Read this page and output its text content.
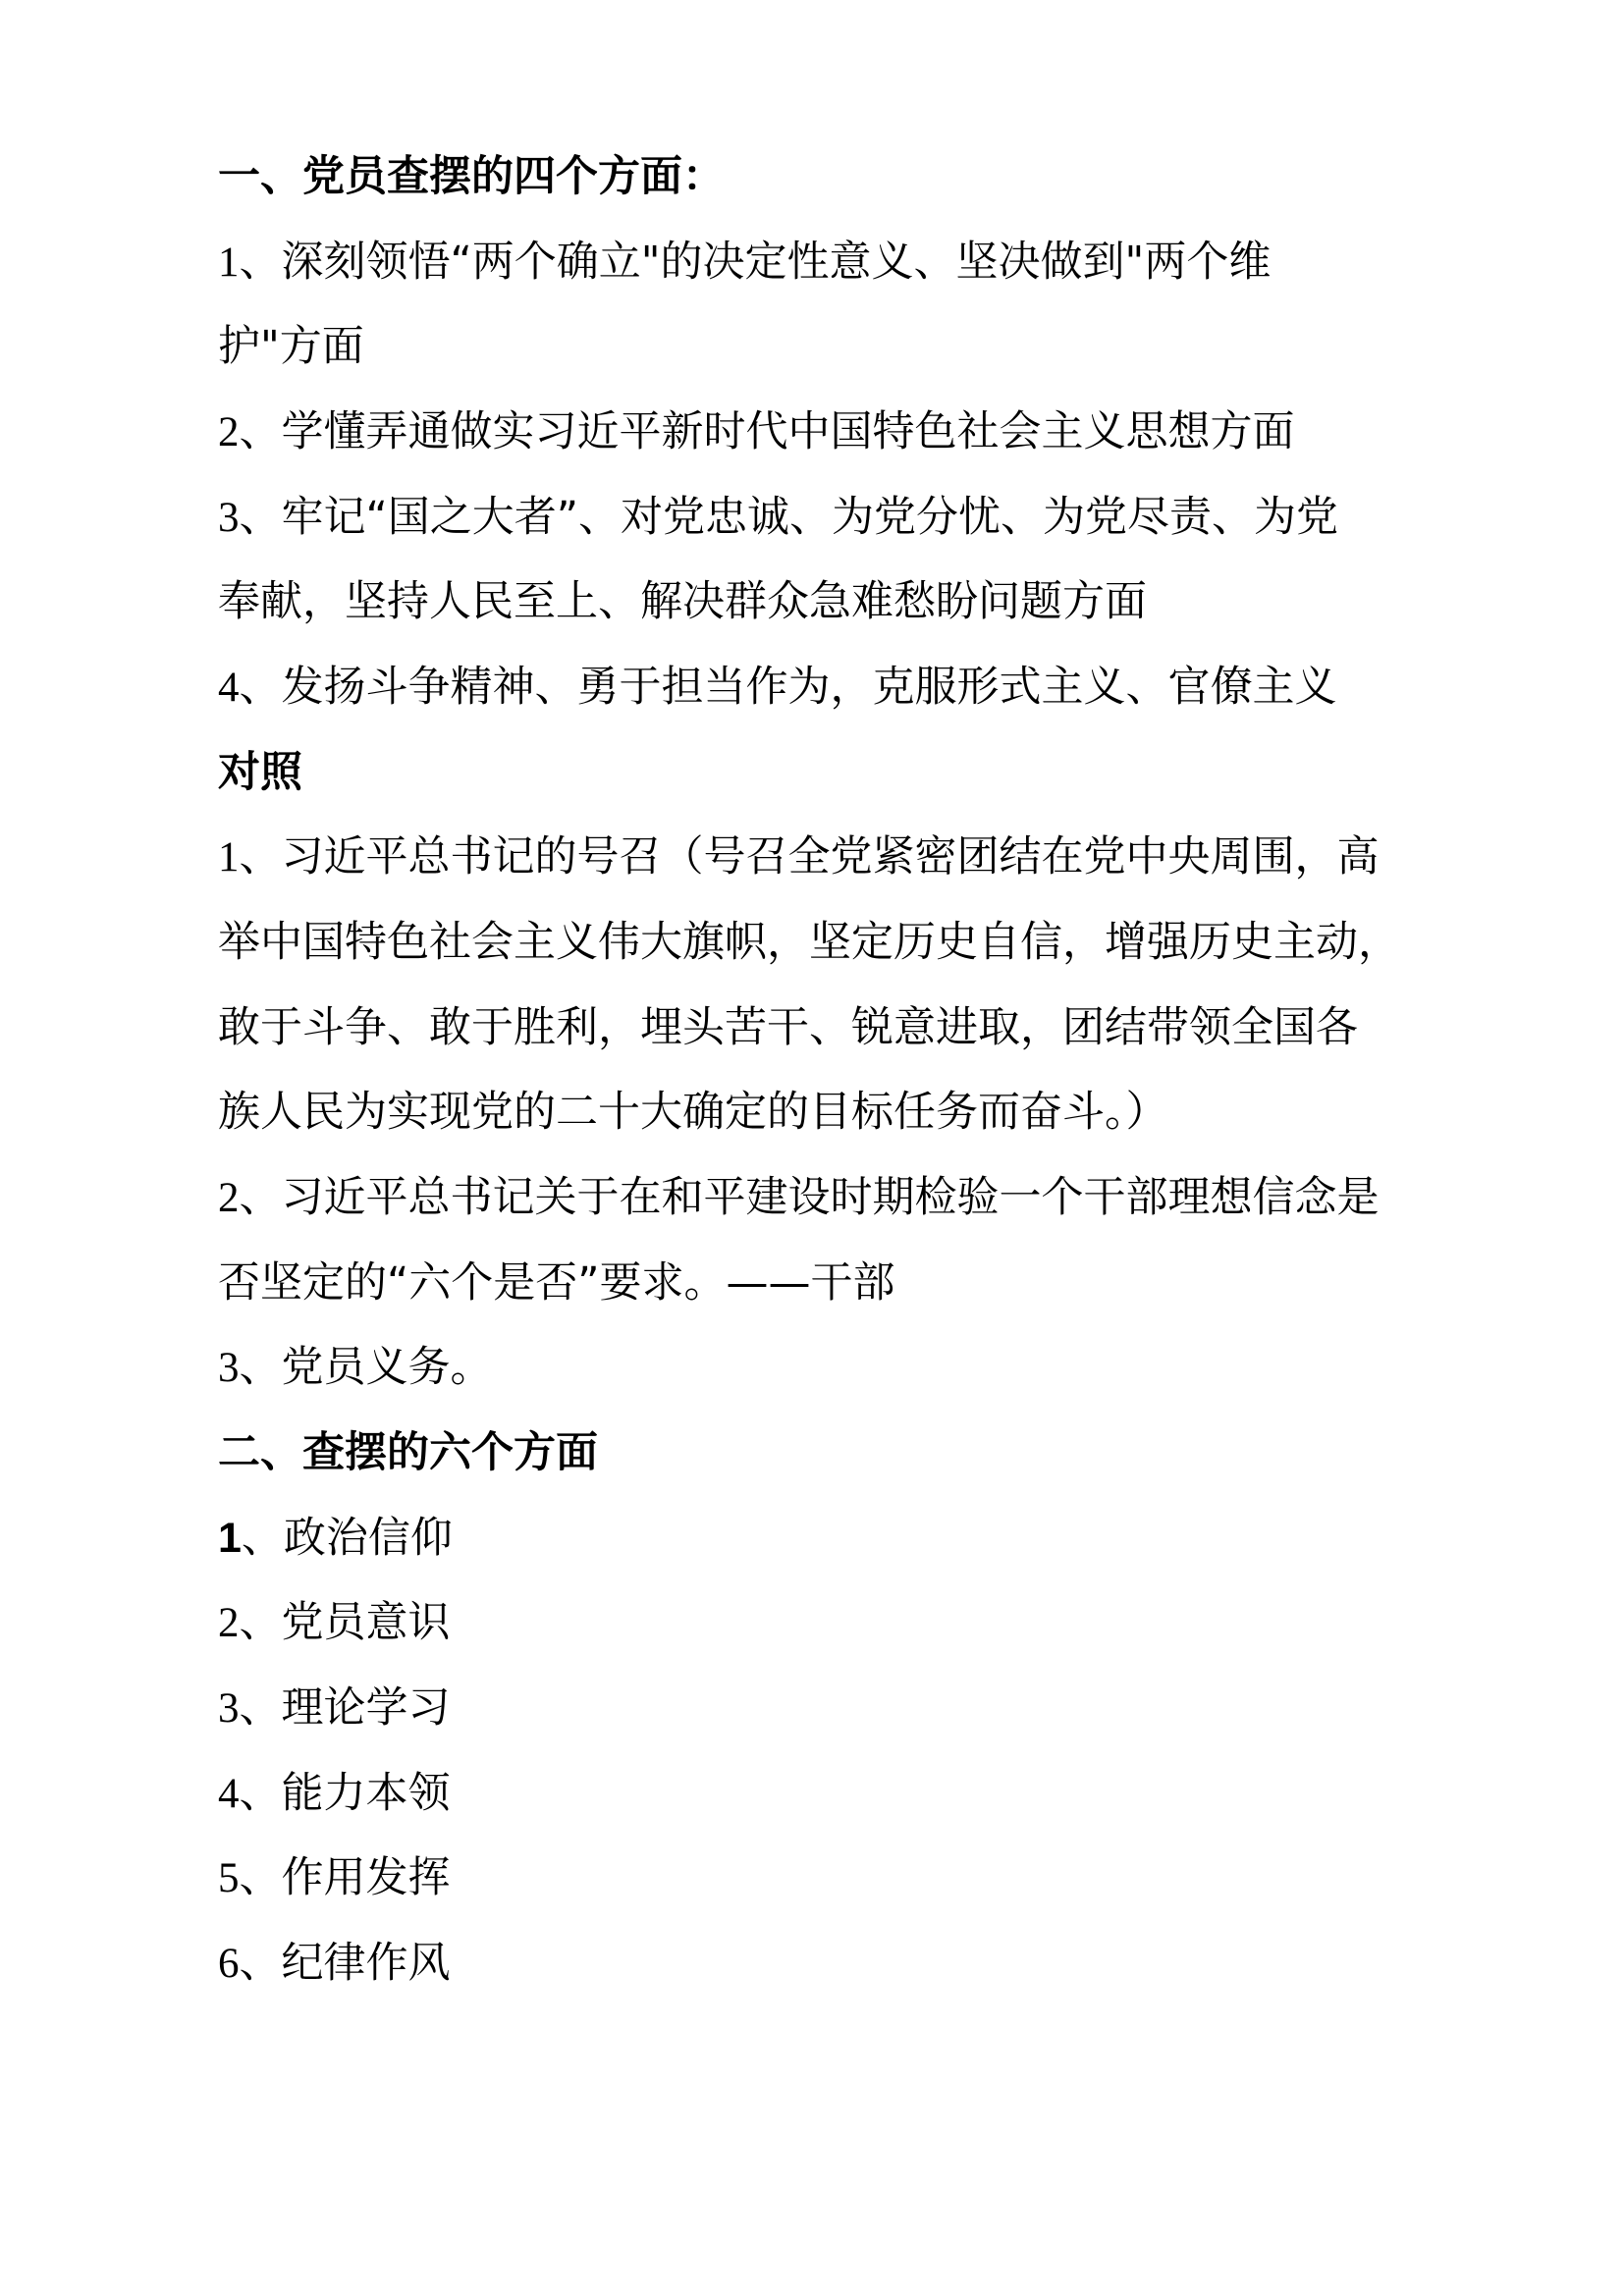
一、党员查摆的四个方面：

1、深刻领悟“两个确立"的决定性意义、坚决做到"两个维

护"方面

2、学懂弄通做实习近平新时代中国特色社会主义思想方面

3、牢记“国之大者”、对党忠诚、为党分忧、为党尽责、为党

奉献，坚持人民至上、解决群众急难愁盼问题方面

4、发扬斗争精神、勇于担当作为，克服形式主义、官僚主义

对照

1、习近平总书记的号召（号召全党紧密团结在党中央周围，高

举中国特色社会主义伟大旗帜，坚定历史自信，增强历史主动，

敢于斗争、敢于胜利，埋头苦干、锐意进取，团结带领全国各

族人民为实现党的二十大确定的目标任务而奋斗。）

2、习近平总书记关于在和平建设时期检验一个干部理想信念是

否坚定的“六个是否”要求。——干部

3、党员义务。

二、查摆的六个方面

1、政治信仰

2、党员意识

3、理论学习

4、能力本领

5、作用发挥

6、纪律作风
